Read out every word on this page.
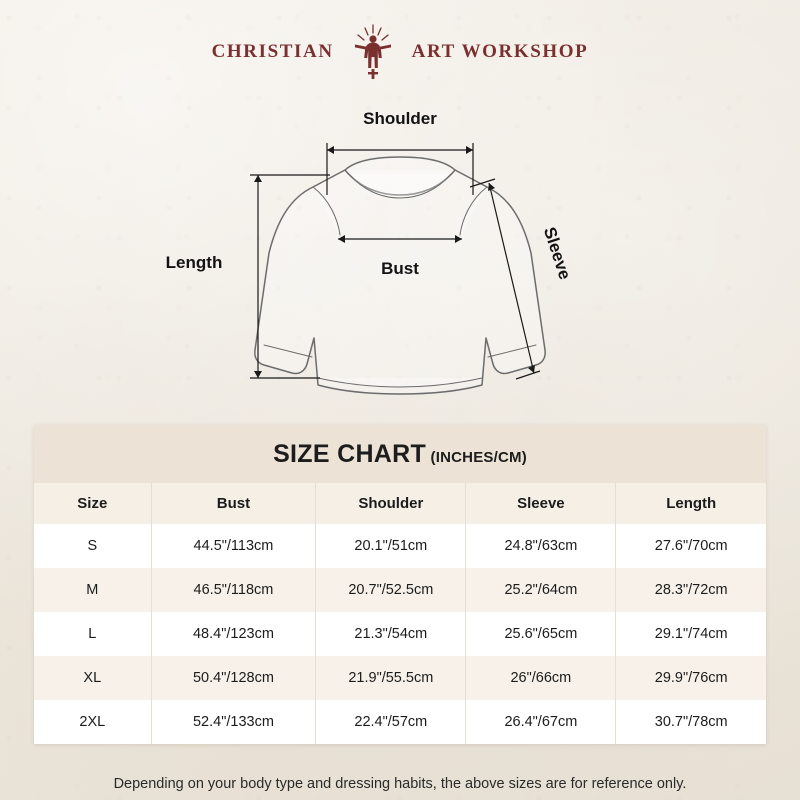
CHRISTIAN	ART WORKSHOP
Shoulder
Length	Bust	Sleeve
SIZE CHART (INCHES/CM)
Size	Bust	Shoulder	Sleeve	Length
S	44.5"/113cm	20.1"/51cm	24.8"/63cm	27.6"/70cm
M	46.5"/118cm	20.7"/52.5cm	25.2"/64cm	28.3"/72cm
L	48.4"/123cm	21.3"/54cm	25.6"/65cm	29.1"/74cm
XL	50.4"/128cm	21.9"/55.5cm	26"/66cm	29.9"/76cm
2XL	52.4"/133cm	22.4"/57cm	26.4"/67cm	30.7"/78cm
Depending on your body type and dressing habits, the above sizes are for reference only.
